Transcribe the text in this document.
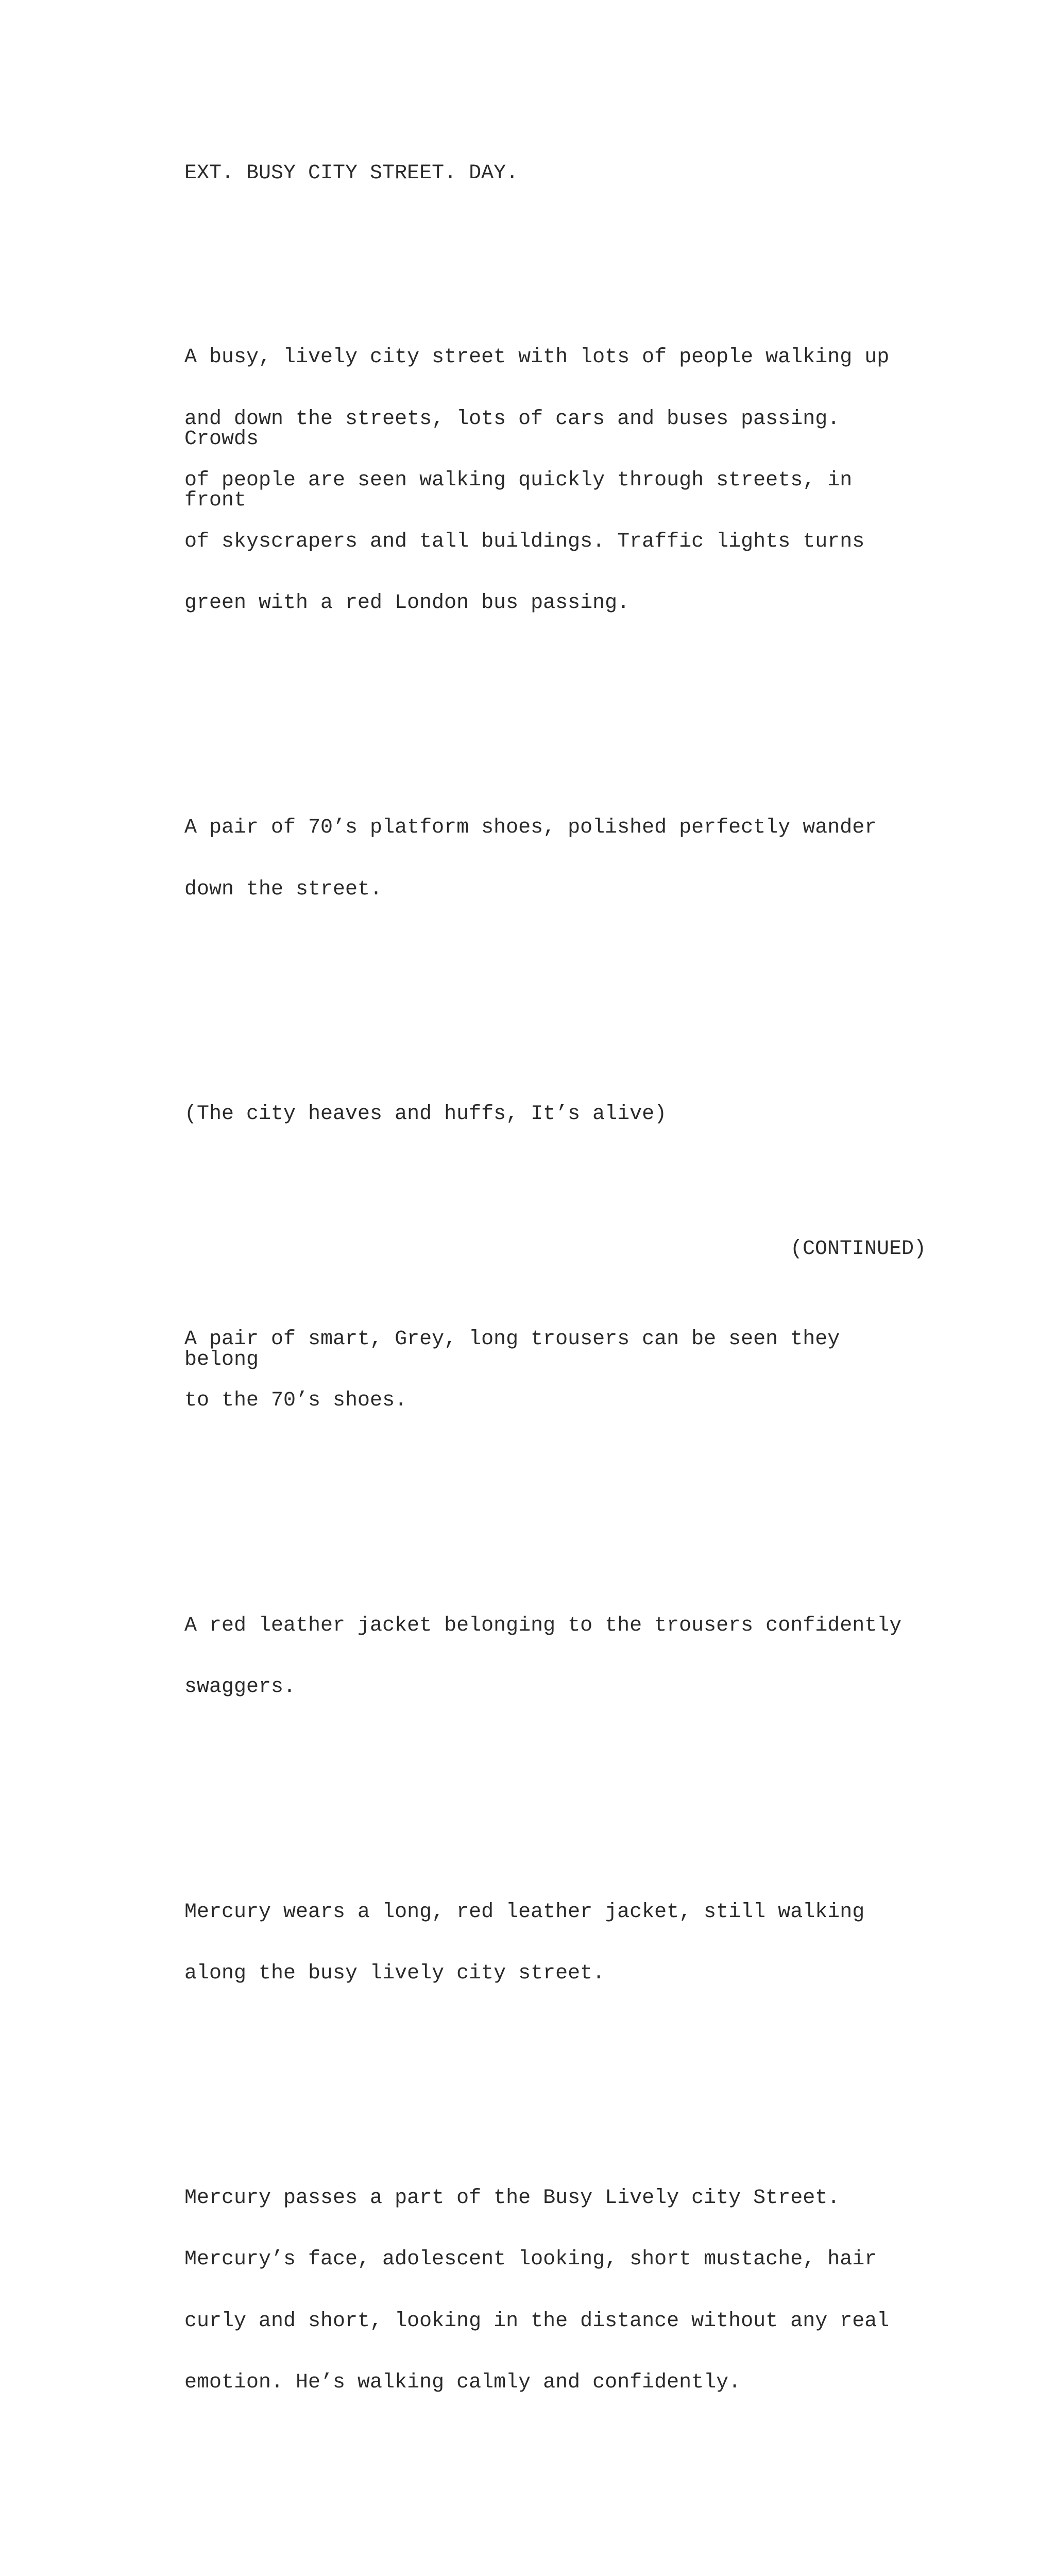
EXT. BUSY CITY STREET. DAY.

A busy, lively city street with lots of people walking up

and down the streets, lots of cars and buses passing. Crowds

of people are seen walking quickly through streets, in front

of skyscrapers and tall buildings. Traffic lights turns

green with a red London bus passing.

A pair of 70’s platform shoes, polished perfectly wander

down the street.

(The city heaves and huffs, It’s alive)

A pair of smart, Grey, long trousers can be seen they belong

to the 70’s shoes.

A red leather jacket belonging to the trousers confidently

swaggers.

Mercury wears a long, red leather jacket, still walking

along the busy lively city street.

Mercury passes a part of the Busy Lively city Street.

Mercury’s face, adolescent looking, short mustache, hair

curly and short, looking in the distance without any real

emotion. He’s walking calmly and confidently.

(CONTINUED)
